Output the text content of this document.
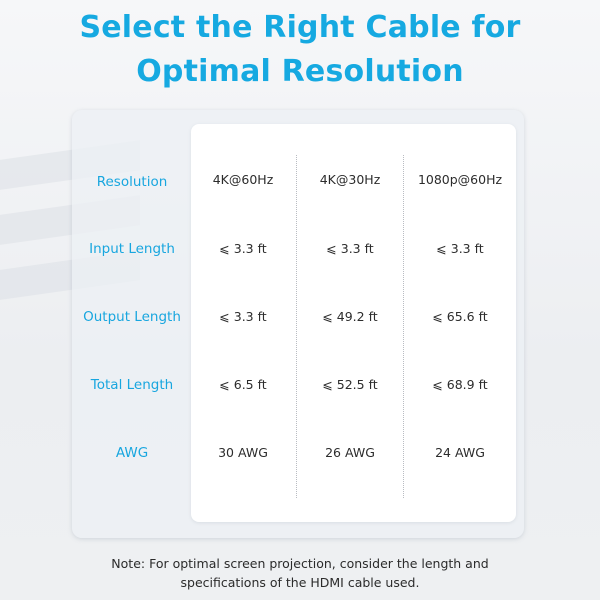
Select the Right Cable for
Optimal Resolution
Resolution	4K@60Hz	4K@30Hz	1080p@60Hz
Input Length	⩽ 3.3 ft	⩽ 3.3 ft	⩽ 3.3 ft
Output Length	⩽ 3.3 ft	⩽ 49.2 ft	⩽ 65.6 ft
Total Length	⩽ 6.5 ft	⩽ 52.5 ft	⩽ 68.9 ft
AWG	30 AWG	26 AWG	24 AWG
Note: For optimal screen projection, consider the length and
specifications of the HDMI cable used.
